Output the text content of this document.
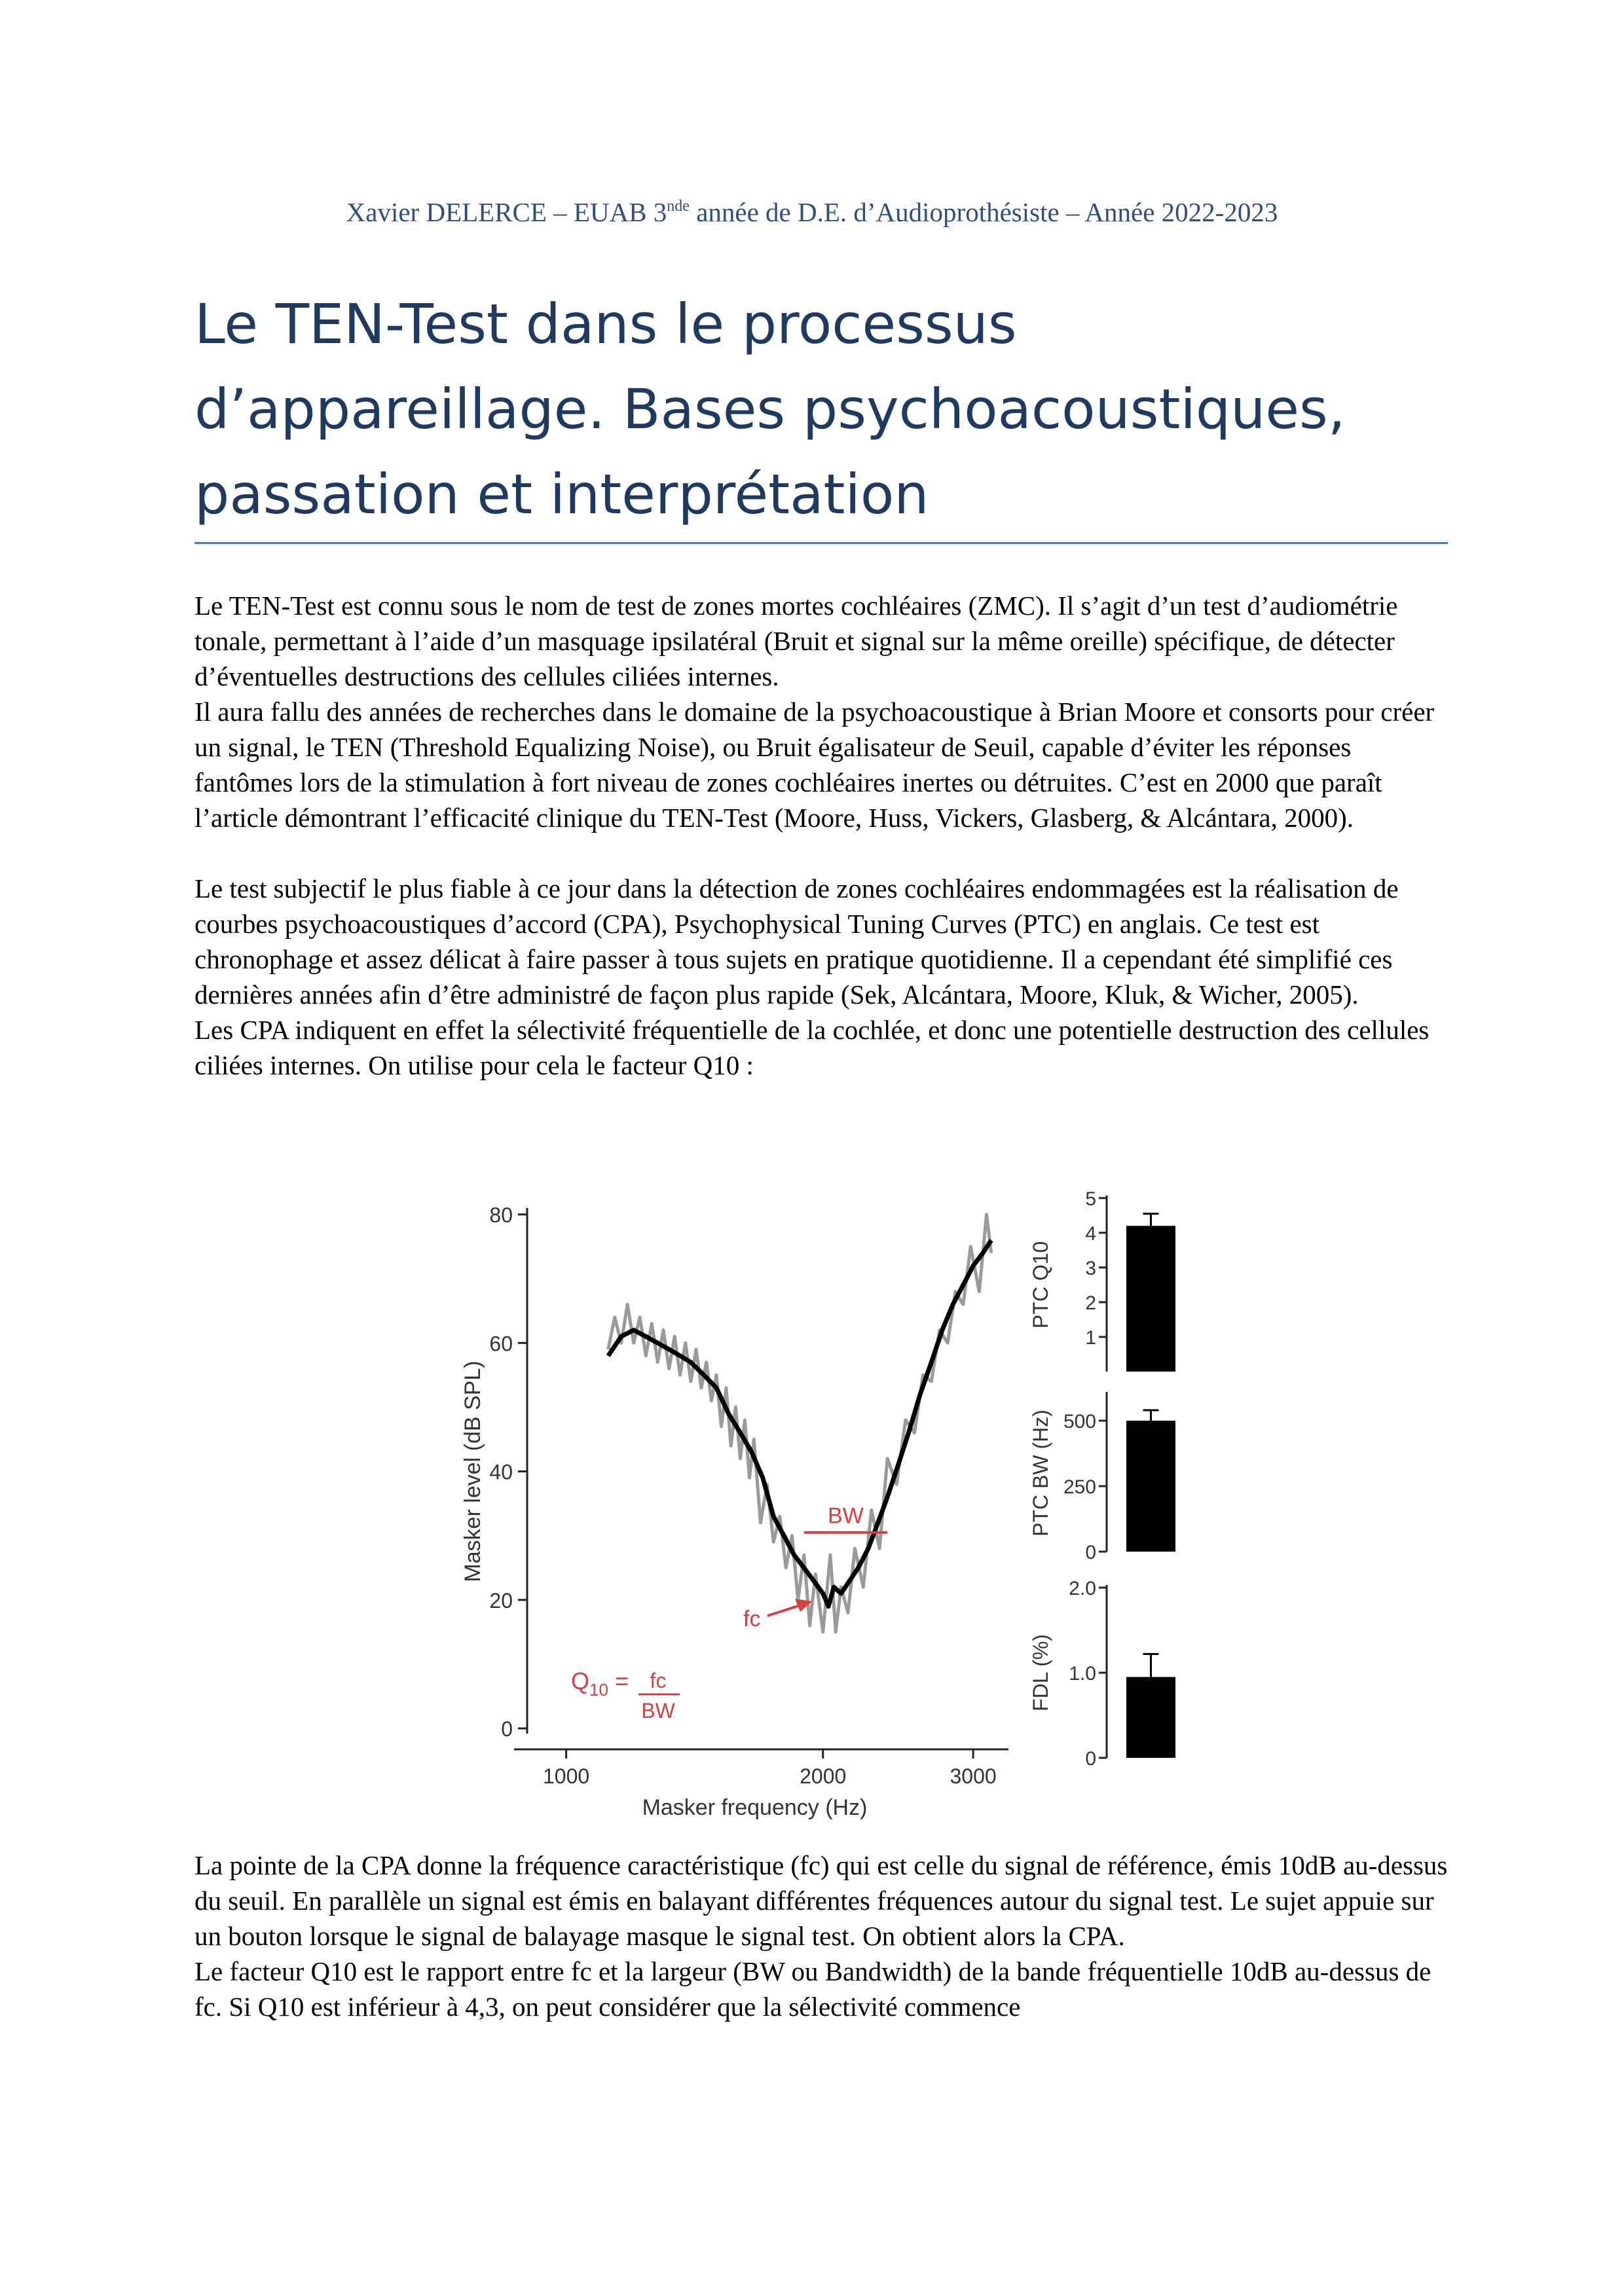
Xavier DELERCE – EUAB 3nde année de D.E. d’Audioprothésiste – Année 2022-2023
Le TEN-Test dans le processus
d’appareillage. Bases psychoacoustiques,
passation et interprétation

Le TEN-Test est connu sous le nom de test de zones mortes cochléaires (ZMC). Il s’agit d’un test d’audiométrie tonale, permettant à l’aide d’un masquage ipsilatéral (Bruit et signal sur la même oreille) spécifique, de détecter d’éventuelles destructions des cellules ciliées internes.

Il aura fallu des années de recherches dans le domaine de la psychoacoustique à Brian Moore et consorts pour créer un signal, le TEN (Threshold Equalizing Noise), ou Bruit égalisateur de Seuil, capable d’éviter les réponses fantômes lors de la stimulation à fort niveau de zones cochléaires inertes ou détruites. C’est en 2000 que paraît l’article démontrant l’efficacité clinique du TEN-Test (Moore, Huss, Vickers, Glasberg, & Alcántara, 2000).

Le test subjectif le plus fiable à ce jour dans la détection de zones cochléaires endommagées est la réalisation de courbes psychoacoustiques d’accord (CPA), Psychophysical Tuning Curves (PTC) en anglais. Ce test est chronophage et assez délicat à faire passer à tous sujets en pratique quotidienne. Il a cependant été simplifié ces dernières années afin d’être administré de façon plus rapide (Sek, Alcántara, Moore, Kluk, & Wicher, 2005).

Les CPA indiquent en effet la sélectivité fréquentielle de la cochlée, et donc une potentielle destruction des cellules ciliées internes. On utilise pour cela le facteur Q10 :

0
20
40
60
80
1000	2000	3000
Masker frequency (Hz)
Masker level (dB SPL)	BW
fc
$Q_{10}$ = fc
BW
1
2
3
4
5
PTC Q10
0
250
500
PTC BW (Hz)
0
1.0
2.0
FDL (%)

La pointe de la CPA donne la fréquence caractéristique (fc) qui est celle du signal de référence, émis 10dB au-dessus du seuil. En parallèle un signal est émis en balayant différentes fréquences autour du signal test. Le sujet appuie sur un bouton lorsque le signal de balayage masque le signal test. On obtient alors la CPA.

Le facteur Q10 est le rapport entre fc et la largeur (BW ou Bandwidth) de la bande fréquentielle 10dB au-dessus de fc. Si Q10 est inférieur à 4,3, on peut considérer que la sélectivité commence
